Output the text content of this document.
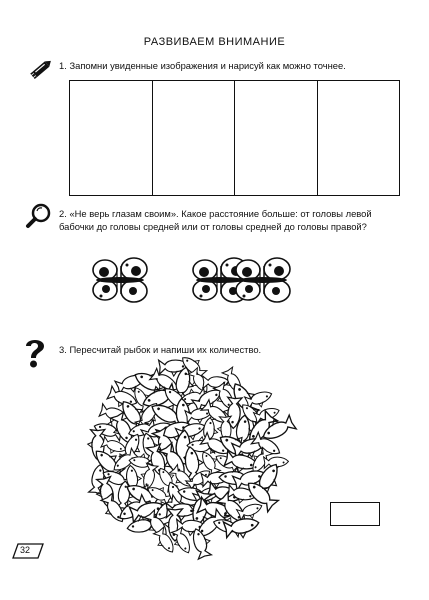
РАЗВИВАЕМ ВНИМАНИЕ
1. Запомни увиденные изображения и нарисуй как можно точнее.
2. «Не верь глазам своим». Какое расстояние больше: от головы левой
бабочки до головы средней или от головы средней до головы правой?
3. Пересчитай рыбок и напиши их количество.
32
